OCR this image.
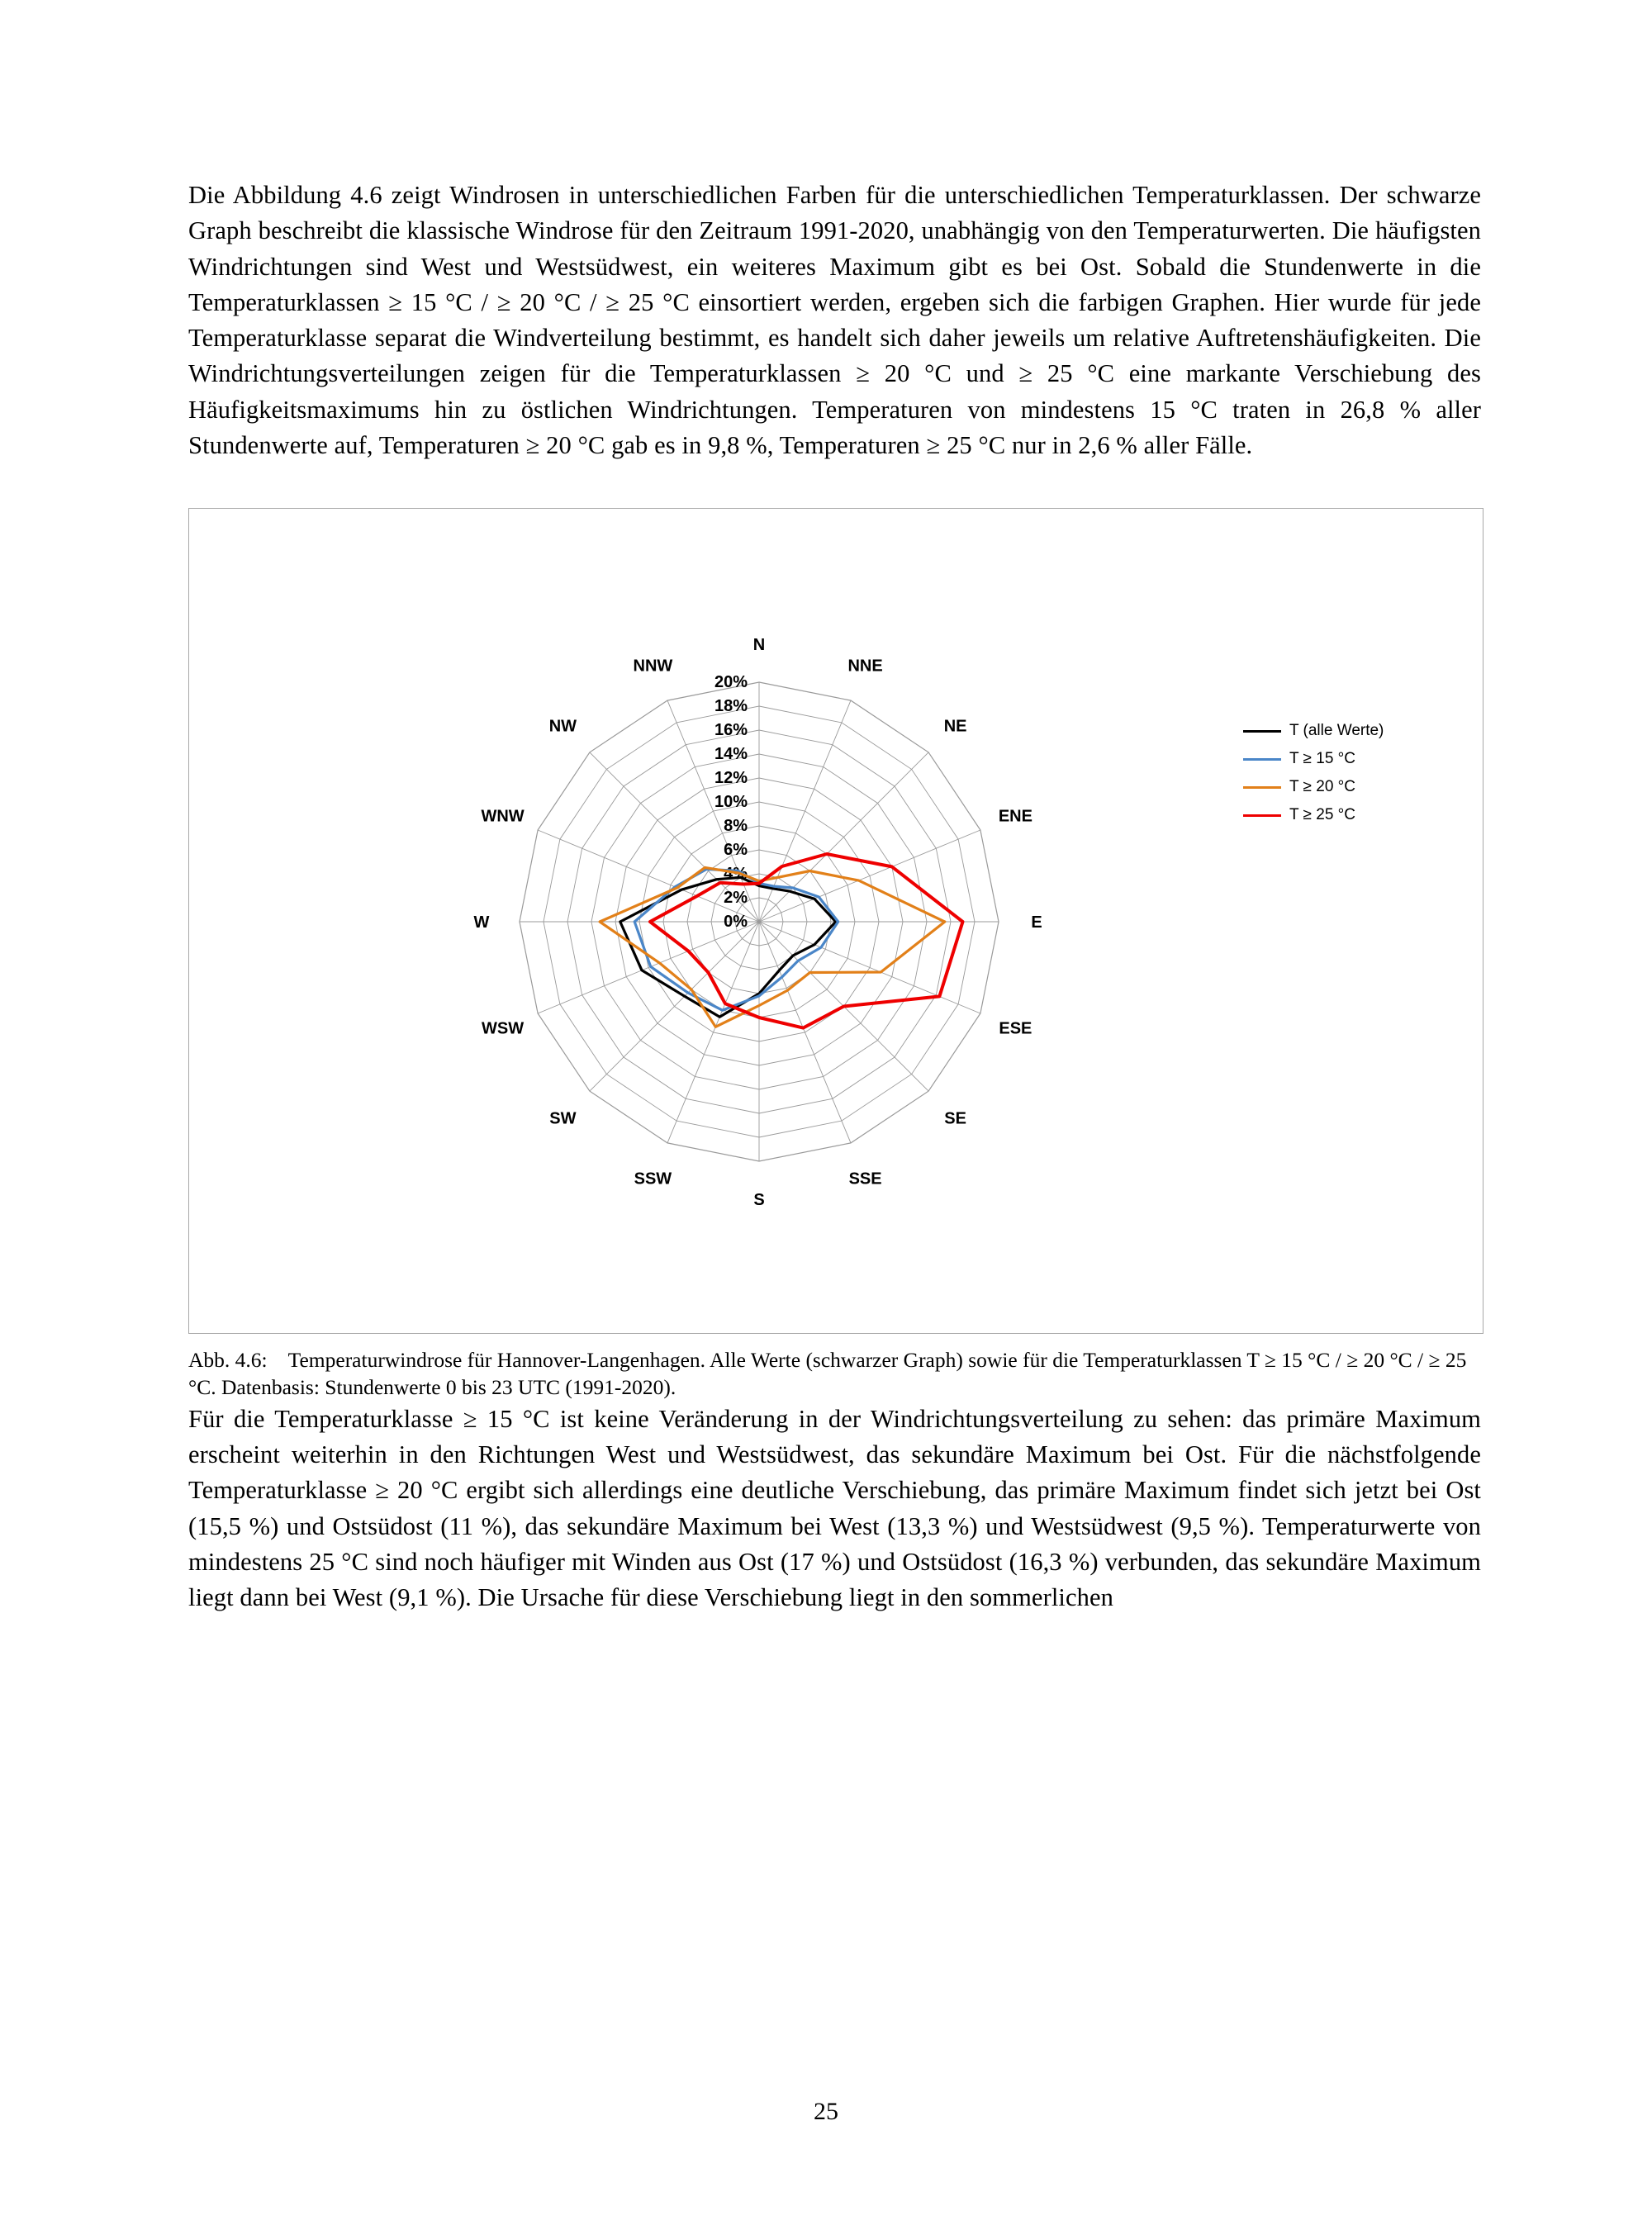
Die Abbildung 4.6 zeigt Windrosen in unterschiedlichen Farben für die unterschiedlichen Temperaturklassen. Der schwarze Graph beschreibt die klassische Windrose für den Zeitraum 1991-2020, unabhängig von den Temperaturwerten. Die häufigsten Windrichtungen sind West und Westsüdwest, ein weiteres Maximum gibt es bei Ost. Sobald die Stundenwerte in die Temperaturklassen ≥ 15 °C / ≥ 20 °C / ≥ 25 °C einsortiert werden, ergeben sich die farbigen Graphen. Hier wurde für jede Temperaturklasse separat die Windverteilung bestimmt, es handelt sich daher jeweils um relative Auftretenshäufigkeiten. Die Windrichtungsverteilungen zeigen für die Temperaturklassen ≥ 20 °C und ≥ 25 °C eine markante Verschiebung des Häufigkeitsmaximums hin zu östlichen Windrichtungen. Temperaturen von mindestens 15 °C traten in 26,8 % aller Stundenwerte auf, Temperaturen ≥ 20 °C gab es in 9,8 %, Temperaturen ≥ 25 °C nur in 2,6 % aller Fälle.

0%
2%
4%
6%
8%
10%
12%
14%
16%
18%
20%
N
NNE
NE
ENE
E
ESE
SE
SSE
S
SSW
SW
WSW
W
WNW
NW
NNW
T (alle Werte)
T ≥ 15 °C
T ≥ 20 °C
T ≥ 25 °C
Abb. 4.6: Temperaturwindrose für Hannover-Langenhagen. Alle Werte (schwarzer Graph) sowie für die Temperaturklassen T ≥ 15 °C / ≥ 20 °C / ≥ 25 °C. Datenbasis: Stundenwerte 0 bis 23 UTC (1991-2020).

Für die Temperaturklasse ≥ 15 °C ist keine Veränderung in der Windrichtungsverteilung zu sehen: das primäre Maximum erscheint weiterhin in den Richtungen West und Westsüdwest, das sekundäre Maximum bei Ost. Für die nächstfolgende Temperaturklasse ≥ 20 °C ergibt sich allerdings eine deutliche Verschiebung, das primäre Maximum findet sich jetzt bei Ost (15,5 %) und Ostsüdost (11 %), das sekundäre Maximum bei West (13,3 %) und Westsüdwest (9,5 %). Temperaturwerte von mindestens 25 °C sind noch häufiger mit Winden aus Ost (17 %) und Ostsüdost (16,3 %) verbunden, das sekundäre Maximum liegt dann bei West (9,1 %). Die Ursache für diese Verschiebung liegt in den sommerlichen

25
